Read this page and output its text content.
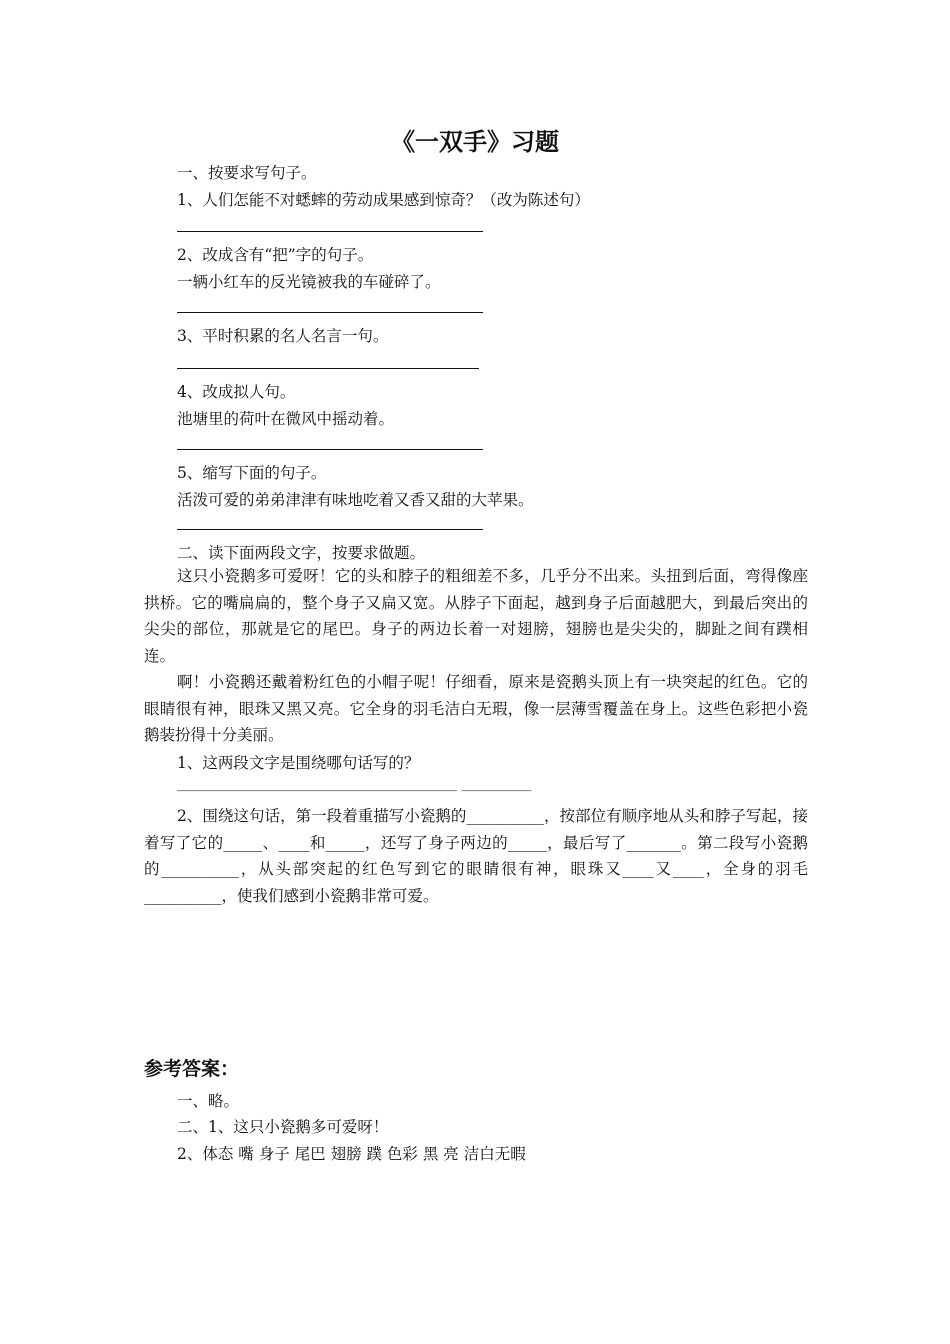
《一双手》习题
一、按要求写句子。
1、人们怎能不对蟋蟀的劳动成果感到惊奇？（改为陈述句）
2、改成含有“把”字的句子。
一辆小红车的反光镜被我的车碰碎了。
3、平时积累的名人名言一句。
4、改成拟人句。
池塘里的荷叶在微风中摇动着。
5、缩写下面的句子。
活泼可爱的弟弟津津有味地吃着又香又甜的大苹果。
二、读下面两段文字，按要求做题。

这只小瓷鹅多可爱呀！它的头和脖子的粗细差不多，几乎分不出来。头扭到后面，弯得像座拱桥。它的嘴扁扁的，整个身子又扁又宽。从脖子下面起，越到身子后面越肥大，到最后突出的尖尖的部位，那就是它的尾巴。身子的两边长着一对翅膀，翅膀也是尖尖的，脚趾之间有蹼相连。

啊！小瓷鹅还戴着粉红色的小帽子呢！仔细看，原来是瓷鹅头顶上有一块突起的红色。它的眼睛很有神，眼珠又黑又亮。它全身的羽毛洁白无瑕，像一层薄雪覆盖在身上。这些色彩把小瓷鹅装扮得十分美丽。

1、这两段文字是围绕哪句话写的？
________________________________________ __________

2、围绕这句话，第一段着重描写小瓷鹅的__________，按部位有顺序地从头和脖子写起，接着写了它的_____、____和_____，还写了身子两边的_____，最后写了_______。第二段写小瓷鹅的__________，从头部突起的红色写到它的眼睛很有神，眼珠又____又____，全身的羽毛__________，使我们感到小瓷鹅非常可爱。

参考答案：
一、略。
二、1、这只小瓷鹅多可爱呀！
2、体态 嘴 身子 尾巴 翅膀 蹼 色彩 黑 亮 洁白无暇
